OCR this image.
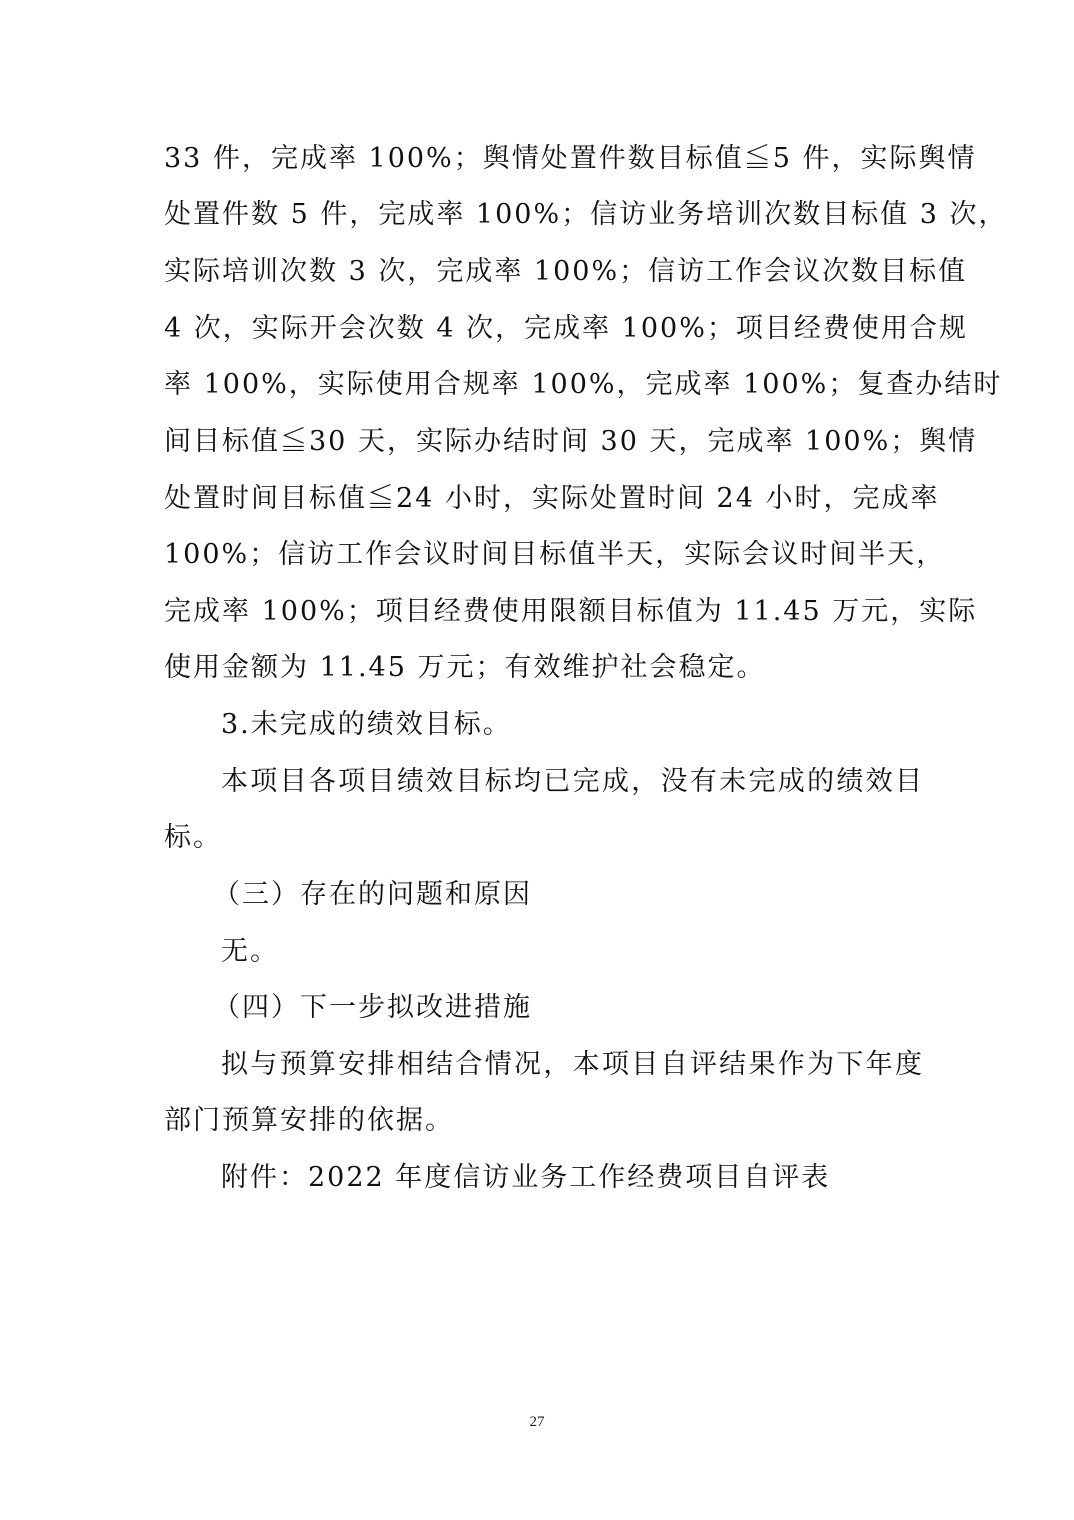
33 件，完成率 100%；舆情处置件数目标值≦5 件，实际舆情
处置件数 5 件，完成率 100%；信访业务培训次数目标值 3 次，
实际培训次数 3 次，完成率 100%；信访工作会议次数目标值
4 次，实际开会次数 4 次，完成率 100%；项目经费使用合规
率 100%，实际使用合规率 100%，完成率 100%；复查办结时
间目标值≦30 天，实际办结时间 30 天，完成率 100%；舆情
处置时间目标值≦24 小时，实际处置时间 24 小时，完成率
100%；信访工作会议时间目标值半天，实际会议时间半天，
完成率 100%；项目经费使用限额目标值为 11.45 万元，实际
使用金额为 11.45 万元；有效维护社会稳定。
3.未完成的绩效目标。
本项目各项目绩效目标均已完成，没有未完成的绩效目
标。
（三）存在的问题和原因
无。
（四）下一步拟改进措施
拟与预算安排相结合情况，本项目自评结果作为下年度
部门预算安排的依据。
附件：2022 年度信访业务工作经费项目自评表
27
